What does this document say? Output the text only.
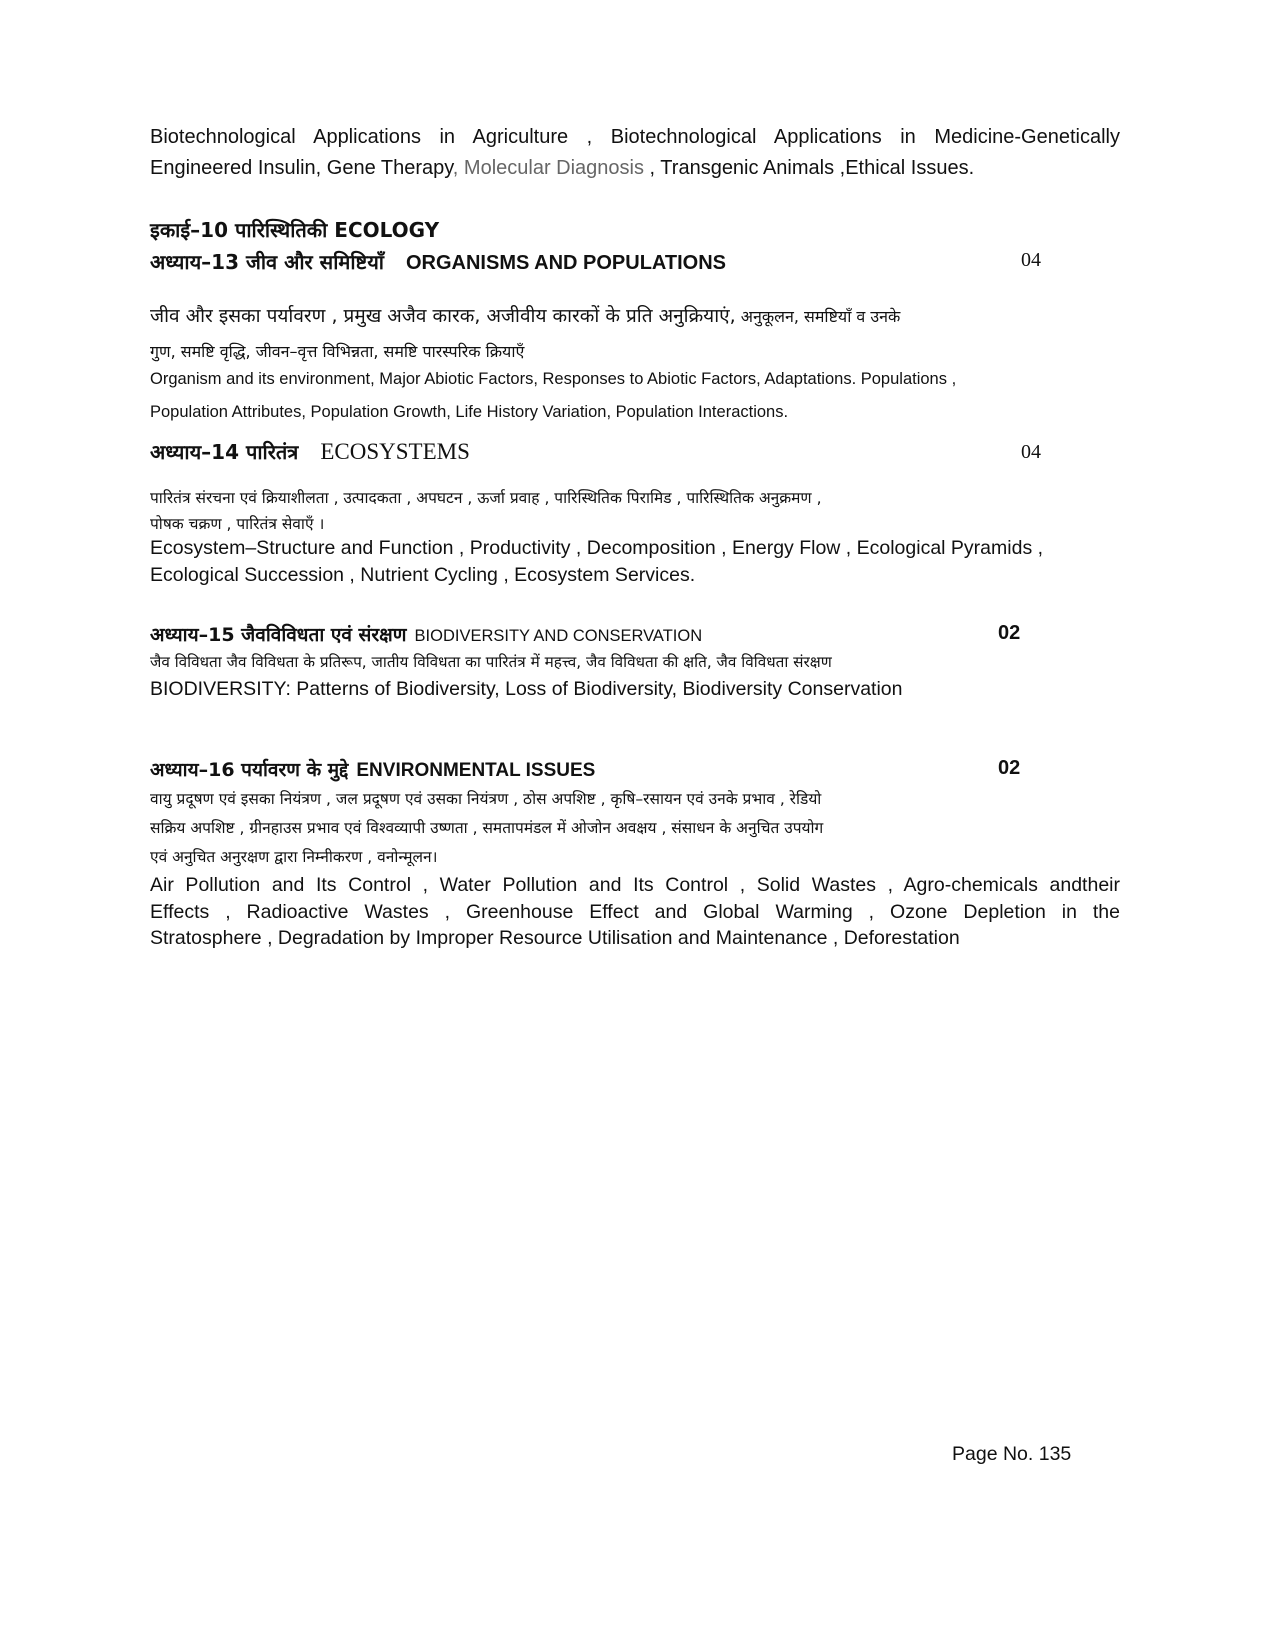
Biotechnological Applications in Agriculture , Biotechnological Applications in Medicine-Genetically
Engineered Insulin, Gene Therapy, Molecular Diagnosis , Transgenic Animals ,Ethical Issues.
इकाई–10 पारिस्थितिकी ECOLOGY
अध्याय–13 जीव और समिष्टियाँ ORGANISMS AND POPULATIONS	04
जीव और इसका पर्यावरण , प्रमुख अजैव कारक, अजीवीय कारकों के प्रति अनुक्रियाएं, अनुकूलन, समष्टियाँ व उनके
गुण, समष्टि वृद्धि, जीवन–वृत्त विभिन्नता, समष्टि पारस्परिक क्रियाएँ
Organism and its environment, Major Abiotic Factors, Responses to Abiotic Factors, Adaptations. Populations ,
Population Attributes, Population Growth, Life History Variation, Population Interactions.
अध्याय–14 पारितंत्र ECOSYSTEMS	04
पारितंत्र संरचना एवं क्रियाशीलता , उत्पादकता , अपघटन , ऊर्जा प्रवाह , पारिस्थितिक पिरामिड , पारिस्थितिक अनुक्रमण ,
पोषक चक्रण , पारितंत्र सेवाएँ ।
Ecosystem–Structure and Function , Productivity , Decomposition , Energy Flow , Ecological Pyramids ,
Ecological Succession , Nutrient Cycling , Ecosystem Services.
अध्याय–15 जैवविविधता एवं संरक्षण BIODIVERSITY AND CONSERVATION	02
जैव विविधता जैव विविधता के प्रतिरूप, जातीय विविधता का पारितंत्र में महत्त्व, जैव विविधता की क्षति, जैव विविधता संरक्षण
BIODIVERSITY: Patterns of Biodiversity, Loss of Biodiversity, Biodiversity Conservation
अध्याय–16 पर्यावरण के मुद्दे ENVIRONMENTAL ISSUES	02
वायु प्रदूषण एवं इसका नियंत्रण , जल प्रदूषण एवं उसका नियंत्रण , ठोस अपशिष्ट , कृषि–रसायन एवं उनके प्रभाव , रेडियो
सक्रिय अपशिष्ट , ग्रीनहाउस प्रभाव एवं विश्वव्यापी उष्णता , समतापमंडल में ओजोन अवक्षय , संसाधन के अनुचित उपयोग
एवं अनुचित अनुरक्षण द्वारा निम्नीकरण , वनोन्मूलन।
Air Pollution and Its Control , Water Pollution and Its Control , Solid Wastes , Agro-chemicals andtheir
Effects , Radioactive Wastes , Greenhouse Effect and Global Warming , Ozone Depletion in the
Stratosphere , Degradation by Improper Resource Utilisation and Maintenance , Deforestation
Page No. 135
